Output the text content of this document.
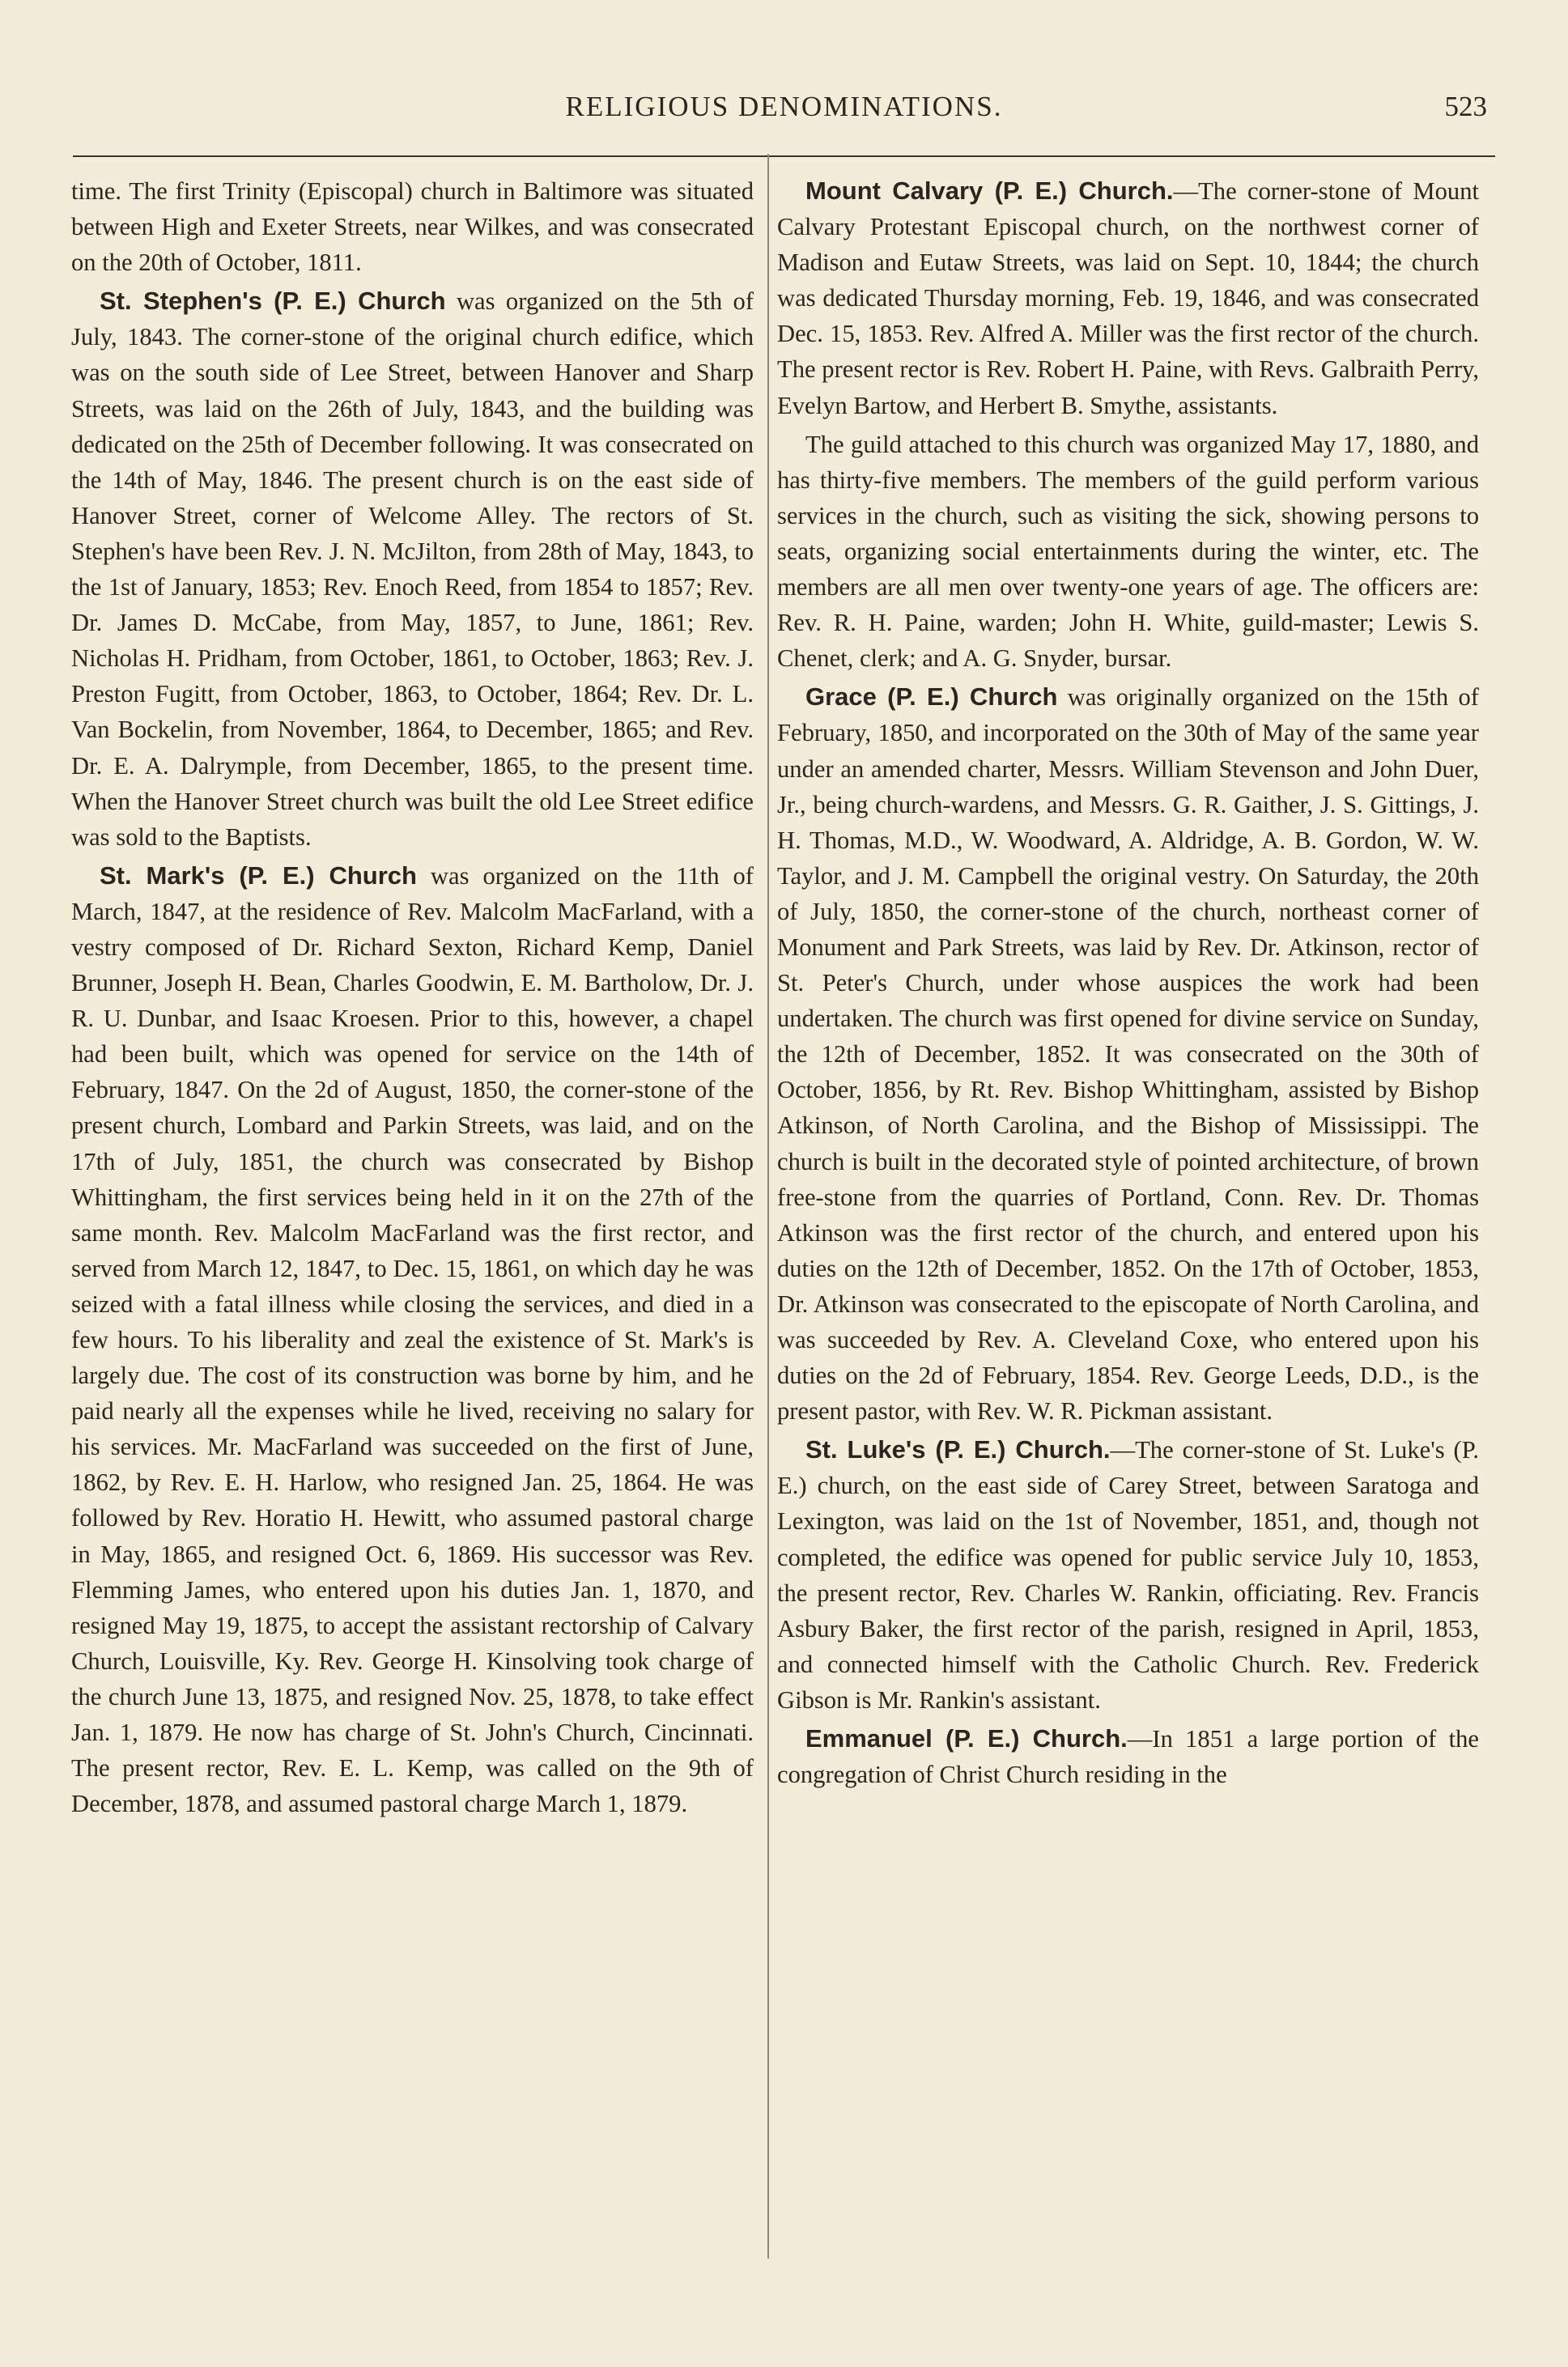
RELIGIOUS DENOMINATIONS.	523

time. The first Trinity (Episcopal) church in Baltimore was situated between High and Exeter Streets, near Wilkes, and was consecrated on the 20th of October, 1811.

St. Stephen's (P. E.) Church was organized on the 5th of July, 1843. The corner-stone of the original church edifice, which was on the south side of Lee Street, between Hanover and Sharp Streets, was laid on the 26th of July, 1843, and the building was dedicated on the 25th of December following. It was consecrated on the 14th of May, 1846. The present church is on the east side of Hanover Street, corner of Welcome Alley. The rectors of St. Stephen's have been Rev. J. N. McJilton, from 28th of May, 1843, to the 1st of January, 1853; Rev. Enoch Reed, from 1854 to 1857; Rev. Dr. James D. McCabe, from May, 1857, to June, 1861; Rev. Nicholas H. Pridham, from October, 1861, to October, 1863; Rev. J. Preston Fugitt, from October, 1863, to October, 1864; Rev. Dr. L. Van Bockelin, from November, 1864, to December, 1865; and Rev. Dr. E. A. Dalrymple, from December, 1865, to the present time. When the Hanover Street church was built the old Lee Street edifice was sold to the Baptists.

St. Mark's (P. E.) Church was organized on the 11th of March, 1847, at the residence of Rev. Malcolm MacFarland, with a vestry composed of Dr. Richard Sexton, Richard Kemp, Daniel Brunner, Joseph H. Bean, Charles Goodwin, E. M. Bartholow, Dr. J. R. U. Dunbar, and Isaac Kroesen. Prior to this, however, a chapel had been built, which was opened for service on the 14th of February, 1847. On the 2d of August, 1850, the corner-stone of the present church, Lombard and Parkin Streets, was laid, and on the 17th of July, 1851, the church was consecrated by Bishop Whittingham, the first services being held in it on the 27th of the same month. Rev. Malcolm MacFarland was the first rector, and served from March 12, 1847, to Dec. 15, 1861, on which day he was seized with a fatal illness while closing the services, and died in a few hours. To his liberality and zeal the existence of St. Mark's is largely due. The cost of its construction was borne by him, and he paid nearly all the expenses while he lived, receiving no salary for his services. Mr. MacFarland was succeeded on the first of June, 1862, by Rev. E. H. Harlow, who resigned Jan. 25, 1864. He was followed by Rev. Horatio H. Hewitt, who assumed pastoral charge in May, 1865, and resigned Oct. 6, 1869. His successor was Rev. Flemming James, who entered upon his duties Jan. 1, 1870, and resigned May 19, 1875, to accept the assistant rectorship of Calvary Church, Louisville, Ky. Rev. George H. Kinsolving took charge of the church June 13, 1875, and resigned Nov. 25, 1878, to take effect Jan. 1, 1879. He now has charge of St. John's Church, Cincinnati. The present rector, Rev. E. L. Kemp, was called on the 9th of December, 1878, and assumed pastoral charge March 1, 1879.

Mount Calvary (P. E.) Church.—The corner-stone of Mount Calvary Protestant Episcopal church, on the northwest corner of Madison and Eutaw Streets, was laid on Sept. 10, 1844; the church was dedicated Thursday morning, Feb. 19, 1846, and was consecrated Dec. 15, 1853. Rev. Alfred A. Miller was the first rector of the church. The present rector is Rev. Robert H. Paine, with Revs. Galbraith Perry, Evelyn Bartow, and Herbert B. Smythe, assistants.

The guild attached to this church was organized May 17, 1880, and has thirty-five members. The members of the guild perform various services in the church, such as visiting the sick, showing persons to seats, organizing social entertainments during the winter, etc. The members are all men over twenty-one years of age. The officers are: Rev. R. H. Paine, warden; John H. White, guild-master; Lewis S. Chenet, clerk; and A. G. Snyder, bursar.

Grace (P. E.) Church was originally organized on the 15th of February, 1850, and incorporated on the 30th of May of the same year under an amended charter, Messrs. William Stevenson and John Duer, Jr., being church-wardens, and Messrs. G. R. Gaither, J. S. Gittings, J. H. Thomas, M.D., W. Woodward, A. Aldridge, A. B. Gordon, W. W. Taylor, and J. M. Campbell the original vestry. On Saturday, the 20th of July, 1850, the corner-stone of the church, northeast corner of Monument and Park Streets, was laid by Rev. Dr. Atkinson, rector of St. Peter's Church, under whose auspices the work had been undertaken. The church was first opened for divine service on Sunday, the 12th of December, 1852. It was consecrated on the 30th of October, 1856, by Rt. Rev. Bishop Whittingham, assisted by Bishop Atkinson, of North Carolina, and the Bishop of Mississippi. The church is built in the decorated style of pointed architecture, of brown free-stone from the quarries of Portland, Conn. Rev. Dr. Thomas Atkinson was the first rector of the church, and entered upon his duties on the 12th of December, 1852. On the 17th of October, 1853, Dr. Atkinson was consecrated to the episcopate of North Carolina, and was succeeded by Rev. A. Cleveland Coxe, who entered upon his duties on the 2d of February, 1854. Rev. George Leeds, D.D., is the present pastor, with Rev. W. R. Pickman assistant.

St. Luke's (P. E.) Church.—The corner-stone of St. Luke's (P. E.) church, on the east side of Carey Street, between Saratoga and Lexington, was laid on the 1st of November, 1851, and, though not completed, the edifice was opened for public service July 10, 1853, the present rector, Rev. Charles W. Rankin, officiating. Rev. Francis Asbury Baker, the first rector of the parish, resigned in April, 1853, and connected himself with the Catholic Church. Rev. Frederick Gibson is Mr. Rankin's assistant.

Emmanuel (P. E.) Church.—In 1851 a large portion of the congregation of Christ Church residing in the
